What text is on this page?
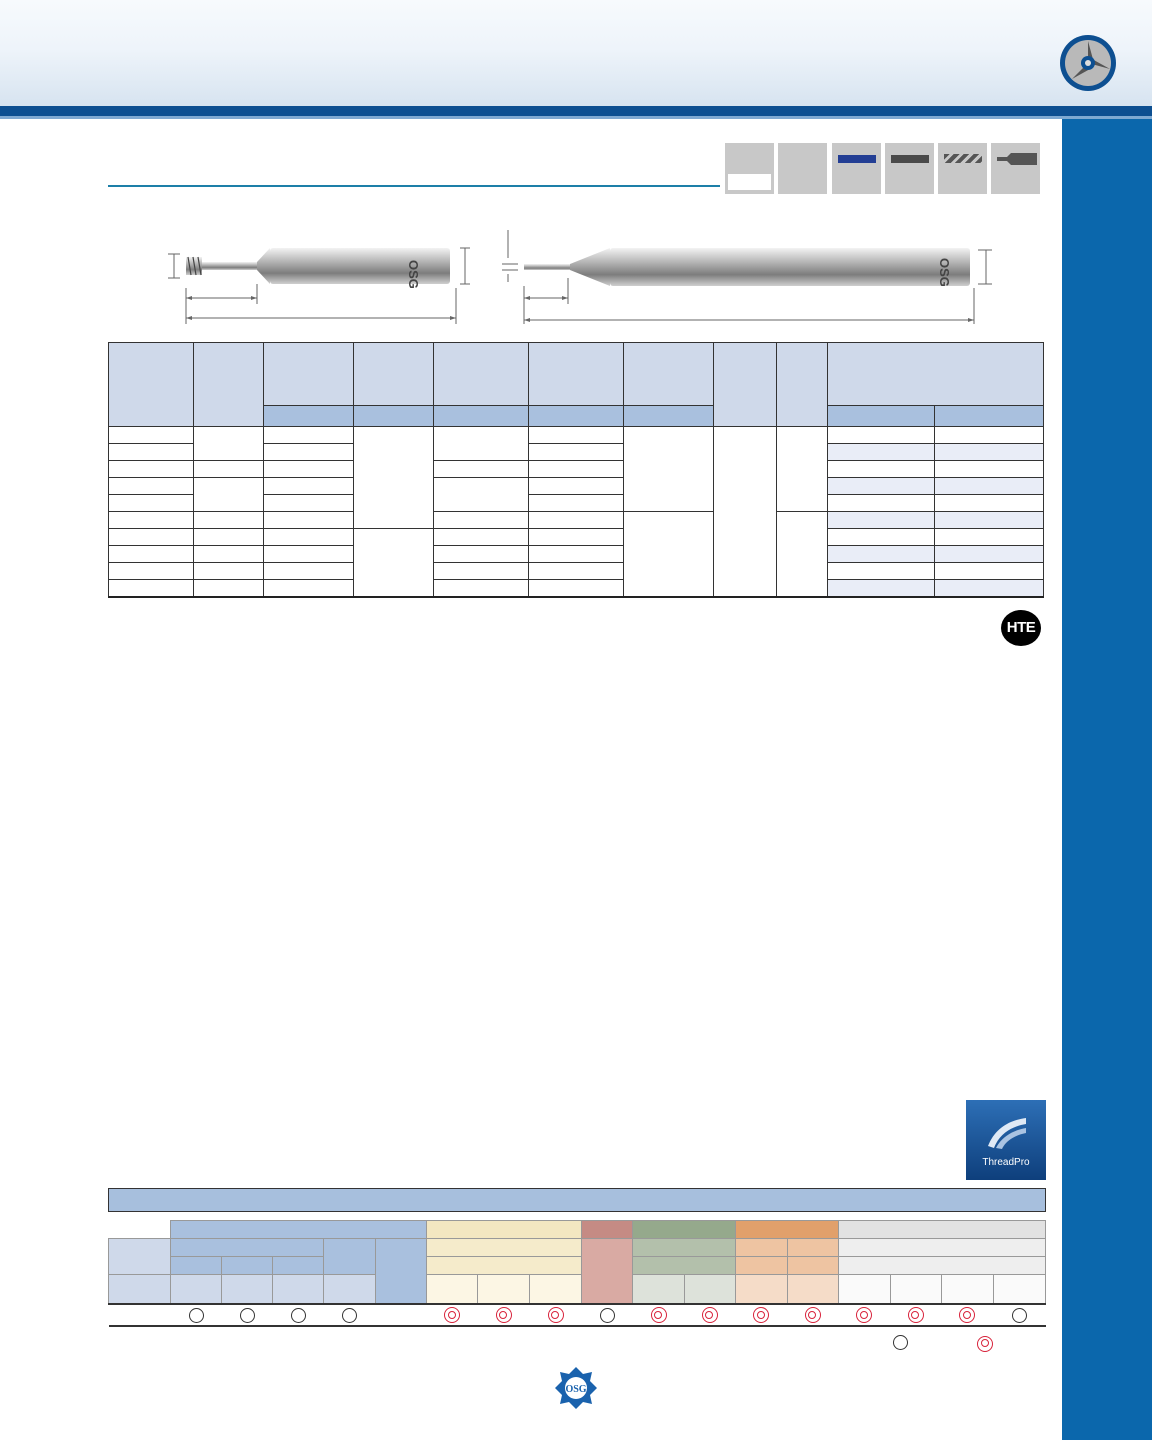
OSG	OSG

HTE
ThreadPro

OSG
